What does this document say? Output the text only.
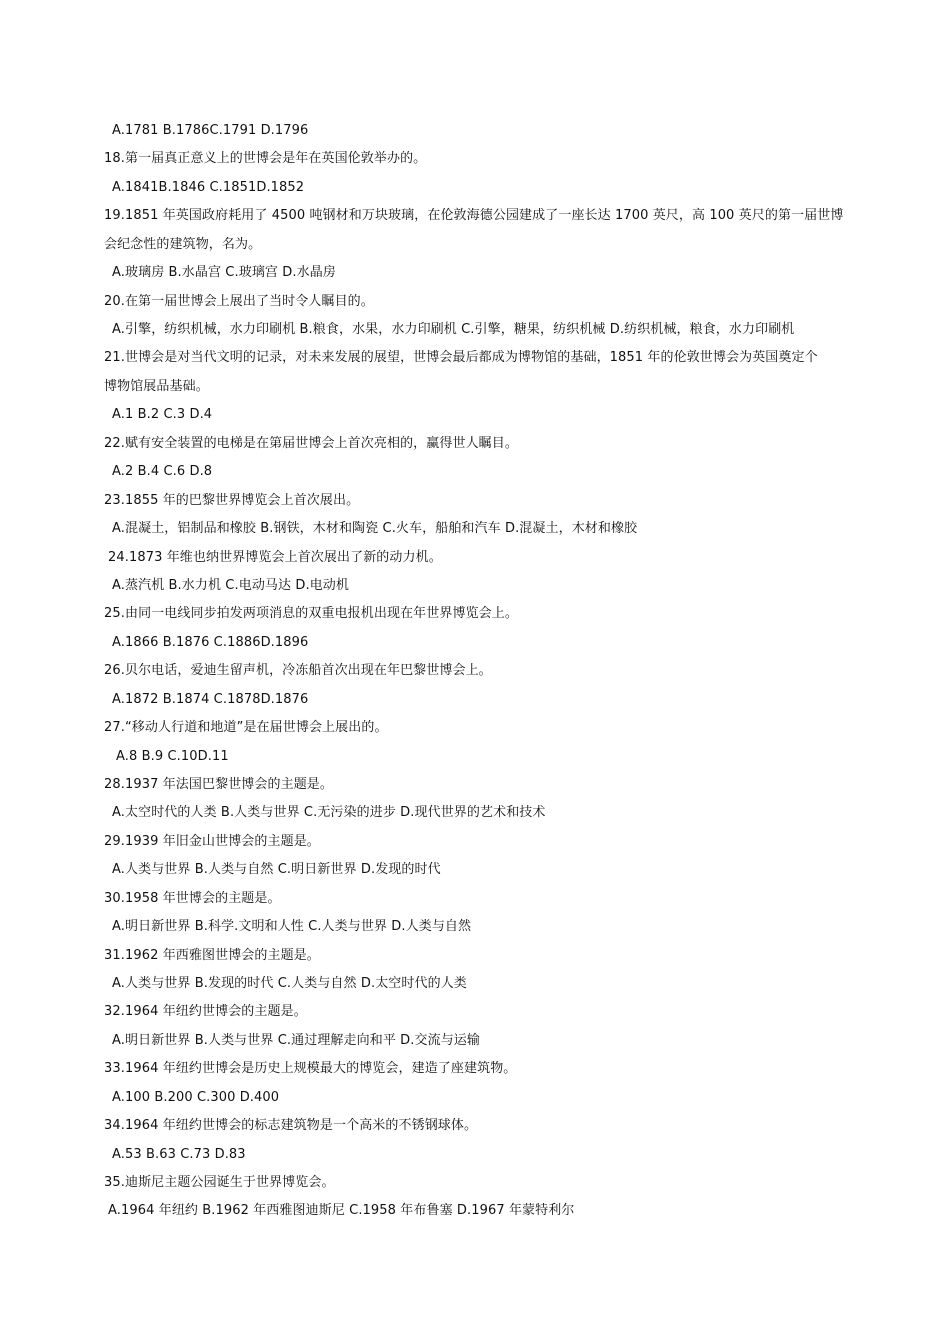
A.1781 B.1786C.1791 D.1796
18.第一届真正意义上的世博会是年在英国伦敦举办的。
A.1841B.1846 C.1851D.1852
19.1851 年英国政府耗用了 4500 吨钢材和万块玻璃，在伦敦海德公园建成了一座长达 1700 英尺，高 100 英尺的第一届世博
会纪念性的建筑物，名为。
A.玻璃房 B.水晶宫 C.玻璃宫 D.水晶房
20.在第一届世博会上展出了当时令人瞩目的。
A.引擎，纺织机械，水力印刷机 B.粮食，水果，水力印刷机 C.引擎，糖果，纺织机械 D.纺织机械，粮食，水力印刷机
21.世博会是对当代文明的记录，对未来发展的展望，世博会最后都成为博物馆的基础，1851 年的伦敦世博会为英国奠定个
博物馆展品基础。
A.1 B.2 C.3 D.4
22.赋有安全装置的电梯是在第届世博会上首次亮相的，赢得世人瞩目。
A.2 B.4 C.6 D.8
23.1855 年的巴黎世界博览会上首次展出。
A.混凝土，铝制品和橡胶 B.钢铁，木材和陶瓷 C.火车，船舶和汽车 D.混凝土，木材和橡胶
24.1873 年维也纳世界博览会上首次展出了新的动力机。
A.蒸汽机 B.水力机 C.电动马达 D.电动机
25.由同一电线同步拍发两项消息的双重电报机出现在年世界博览会上。
A.1866 B.1876 C.1886D.1896
26.贝尔电话，爱迪生留声机，冷冻船首次出现在年巴黎世博会上。
A.1872 B.1874 C.1878D.1876
27.“移动人行道和地道”是在届世博会上展出的。
A.8 B.9 C.10D.11
28.1937 年法国巴黎世博会的主题是。
A.太空时代的人类 B.人类与世界 C.无污染的进步 D.现代世界的艺术和技术
29.1939 年旧金山世博会的主题是。
A.人类与世界 B.人类与自然 C.明日新世界 D.发现的时代
30.1958 年世博会的主题是。
A.明日新世界 B.科学.文明和人性 C.人类与世界 D.人类与自然
31.1962 年西雅图世博会的主题是。
A.人类与世界 B.发现的时代 C.人类与自然 D.太空时代的人类
32.1964 年纽约世博会的主题是。
A.明日新世界 B.人类与世界 C.通过理解走向和平 D.交流与运输
33.1964 年纽约世博会是历史上规模最大的博览会，建造了座建筑物。
A.100 B.200 C.300 D.400
34.1964 年纽约世博会的标志建筑物是一个高米的不锈钢球体。
A.53 B.63 C.73 D.83
35.迪斯尼主题公园诞生于世界博览会。
A.1964 年纽约 B.1962 年西雅图迪斯尼 C.1958 年布鲁塞 D.1967 年蒙特利尔
